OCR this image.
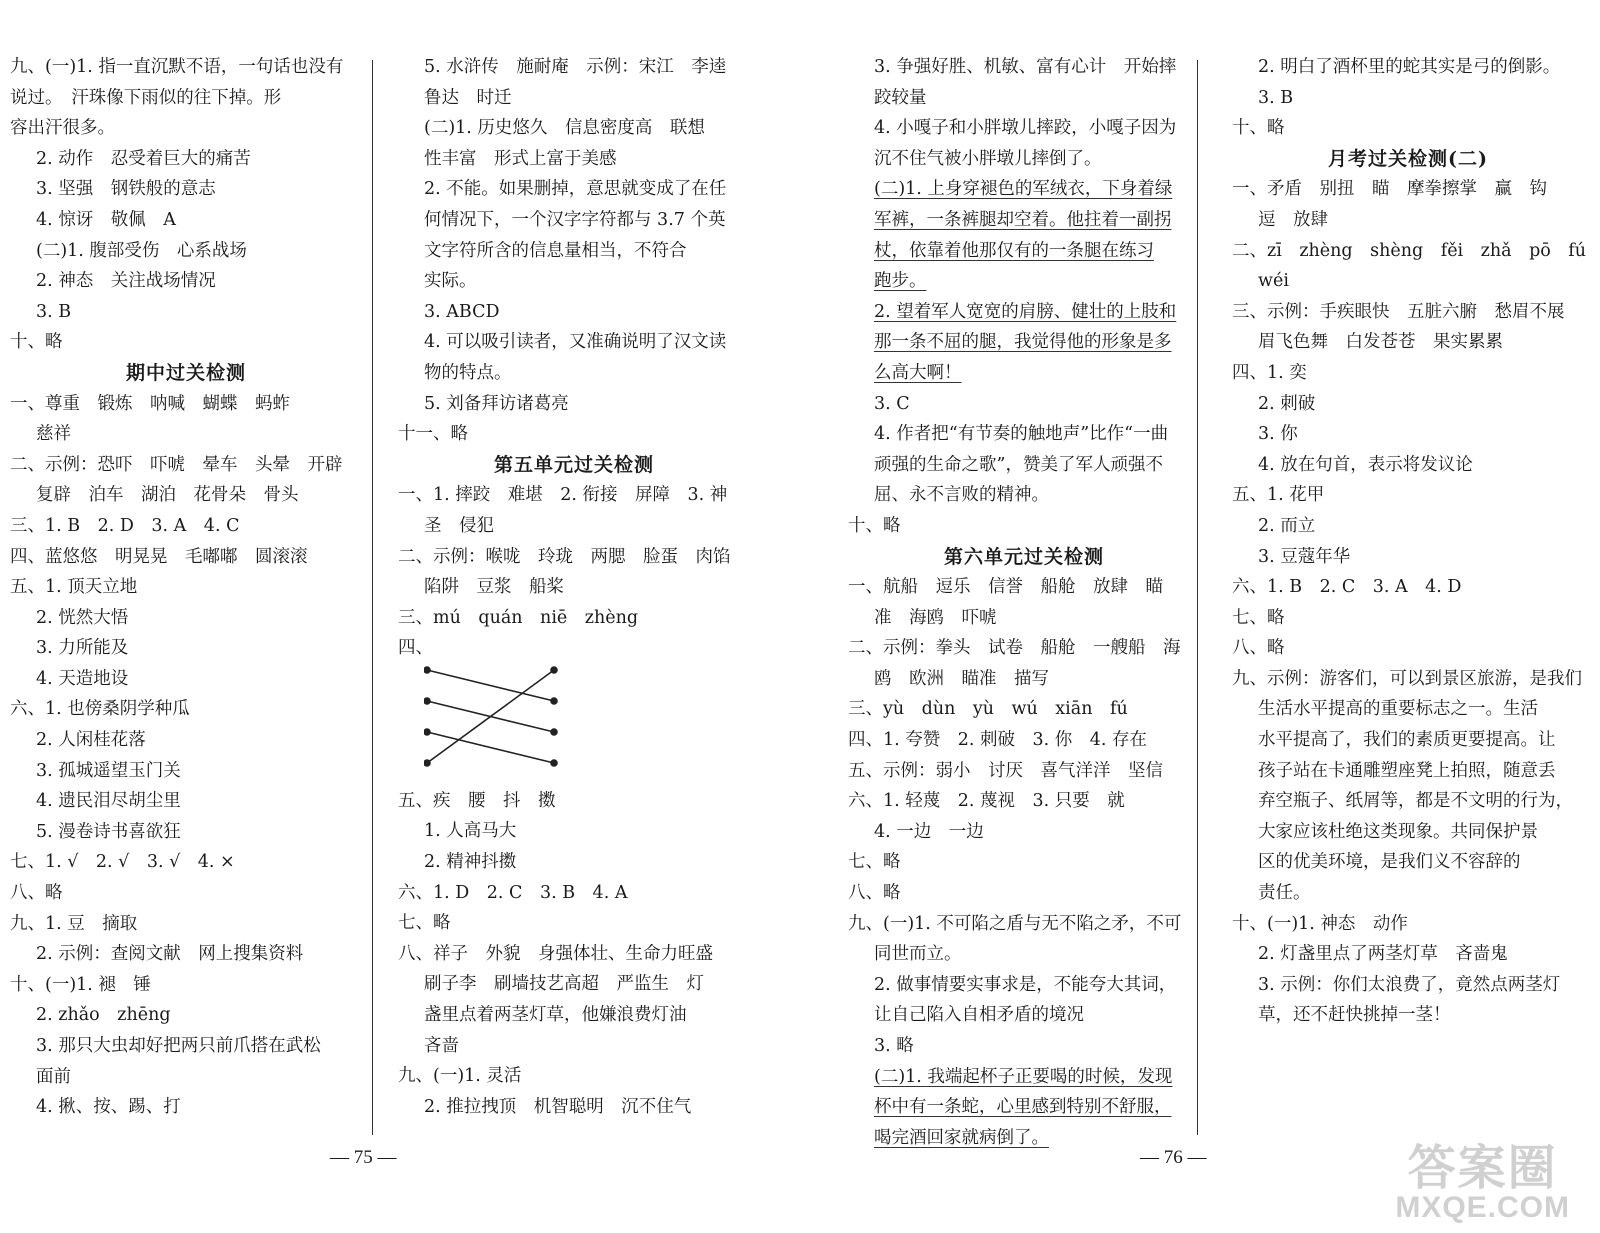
九、(一)1. 指一直沉默不语，一句话也没有
说过。　汗珠像下雨似的往下掉。形
容出汗很多。
2. 动作　忍受着巨大的痛苦
3. 坚强　钢铁般的意志
4. 惊讶　敬佩　A
(二)1. 腹部受伤　心系战场
2. 神态　关注战场情况
3. B
十、略
期中过关检测
一、尊重　锻炼　呐喊　蝴蝶　蚂蚱
慈祥
二、示例：恐吓　吓唬　晕车　头晕　开辟
复辟　泊车　湖泊　花骨朵　骨头
三、1. B　2. D　3. A　4. C
四、蓝悠悠　明晃晃　毛嘟嘟　圆滚滚
五、1. 顶天立地
2. 恍然大悟
3. 力所能及
4. 天造地设
六、1. 也傍桑阴学种瓜
2. 人闲桂花落
3. 孤城遥望玉门关
4. 遗民泪尽胡尘里
5. 漫卷诗书喜欲狂
七、1. √　2. √　3. √　4. ×
八、略
九、1. 豆　摘取
2. 示例：查阅文献　网上搜集资料
十、(一)1. 褪　锤
2. zhǎo　zhēng
3. 那只大虫却好把两只前爪搭在武松
面前
4. 揪、按、踢、打
5. 水浒传　施耐庵　示例：宋江　李逵
鲁达　时迁
(二)1. 历史悠久　信息密度高　联想
性丰富　形式上富于美感
2. 不能。如果删掉，意思就变成了在任
何情况下，一个汉字字符都与 3.7 个英
文字符所含的信息量相当，不符合
实际。
3. ABCD
4. 可以吸引读者，又准确说明了汉文读
物的特点。
5. 刘备拜访诸葛亮
十一、略
第五单元过关检测
一、1. 摔跤　难堪　2. 衔接　屏障　3. 神
圣　侵犯
二、示例：喉咙　玲珑　两腮　脸蛋　肉馅
陷阱　豆浆　船桨
三、mú　quán　niē　zhèng
四、
五、疾　腰　抖　擞
1. 人高马大
2. 精神抖擞
六、1. D　2. C　3. B　4. A
七、略
八、祥子　外貌　身强体壮、生命力旺盛
刷子李　刷墙技艺高超　严监生　灯
盏里点着两茎灯草，他嫌浪费灯油
吝啬
九、(一)1. 灵活
2. 推拉拽顶　机智聪明　沉不住气
3. 争强好胜、机敏、富有心计　开始摔
跤较量
4. 小嘎子和小胖墩儿摔跤，小嘎子因为
沉不住气被小胖墩儿摔倒了。
(二)1. 上身穿褪色的军绒衣，下身着绿
军裤，一条裤腿却空着。他拄着一副拐
杖，依靠着他那仅有的一条腿在练习
跑步。
2. 望着军人宽宽的肩膀、健壮的上肢和
那一条不屈的腿，我觉得他的形象是多
么高大啊！
3. C
4. 作者把“有节奏的触地声”比作“一曲
顽强的生命之歌”，赞美了军人顽强不
屈、永不言败的精神。
十、略
第六单元过关检测
一、航船　逗乐　信誉　船舱　放肆　瞄
准　海鸥　吓唬
二、示例：拳头　试卷　船舱　一艘船　海
鸥　欧洲　瞄准　描写
三、yù　dùn　yù　wú　xiān　fú
四、1. 夸赞　2. 刺破　3. 你　4. 存在
五、示例：弱小　讨厌　喜气洋洋　坚信
六、1. 轻蔑　2. 蔑视　3. 只要　就
4. 一边　一边
七、略
八、略
九、(一)1. 不可陷之盾与无不陷之矛，不可
同世而立。
2. 做事情要实事求是，不能夸大其词，
让自己陷入自相矛盾的境况
3. 略
(二)1. 我端起杯子正要喝的时候，发现
杯中有一条蛇，心里感到特别不舒服，
喝完酒回家就病倒了。
2. 明白了酒杯里的蛇其实是弓的倒影。
3. B
十、略
月考过关检测(二)
一、矛盾　别扭　瞄　摩拳擦掌　赢　钩
逗　放肆
二、zī　zhèng　shèng　fěi　zhǎ　pō　fú
wéi
三、示例：手疾眼快　五脏六腑　愁眉不展
眉飞色舞　白发苍苍　果实累累
四、1. 奕
2. 刺破
3. 你
4. 放在句首，表示将发议论
五、1. 花甲
2. 而立
3. 豆蔻年华
六、1. B　2. C　3. A　4. D
七、略
八、略
九、示例：游客们，可以到景区旅游，是我们
生活水平提高的重要标志之一。生活
水平提高了，我们的素质更要提高。让
孩子站在卡通雕塑座凳上拍照，随意丢
弃空瓶子、纸屑等，都是不文明的行为，
大家应该杜绝这类现象。共同保护景
区的优美环境，是我们义不容辞的
责任。
十、(一)1. 神态　动作
2. 灯盏里点了两茎灯草　吝啬鬼
3. 示例：你们太浪费了，竟然点两茎灯
草，还不赶快挑掉一茎！
— 75 —	— 76 —	答案圈
MXQE.COM
